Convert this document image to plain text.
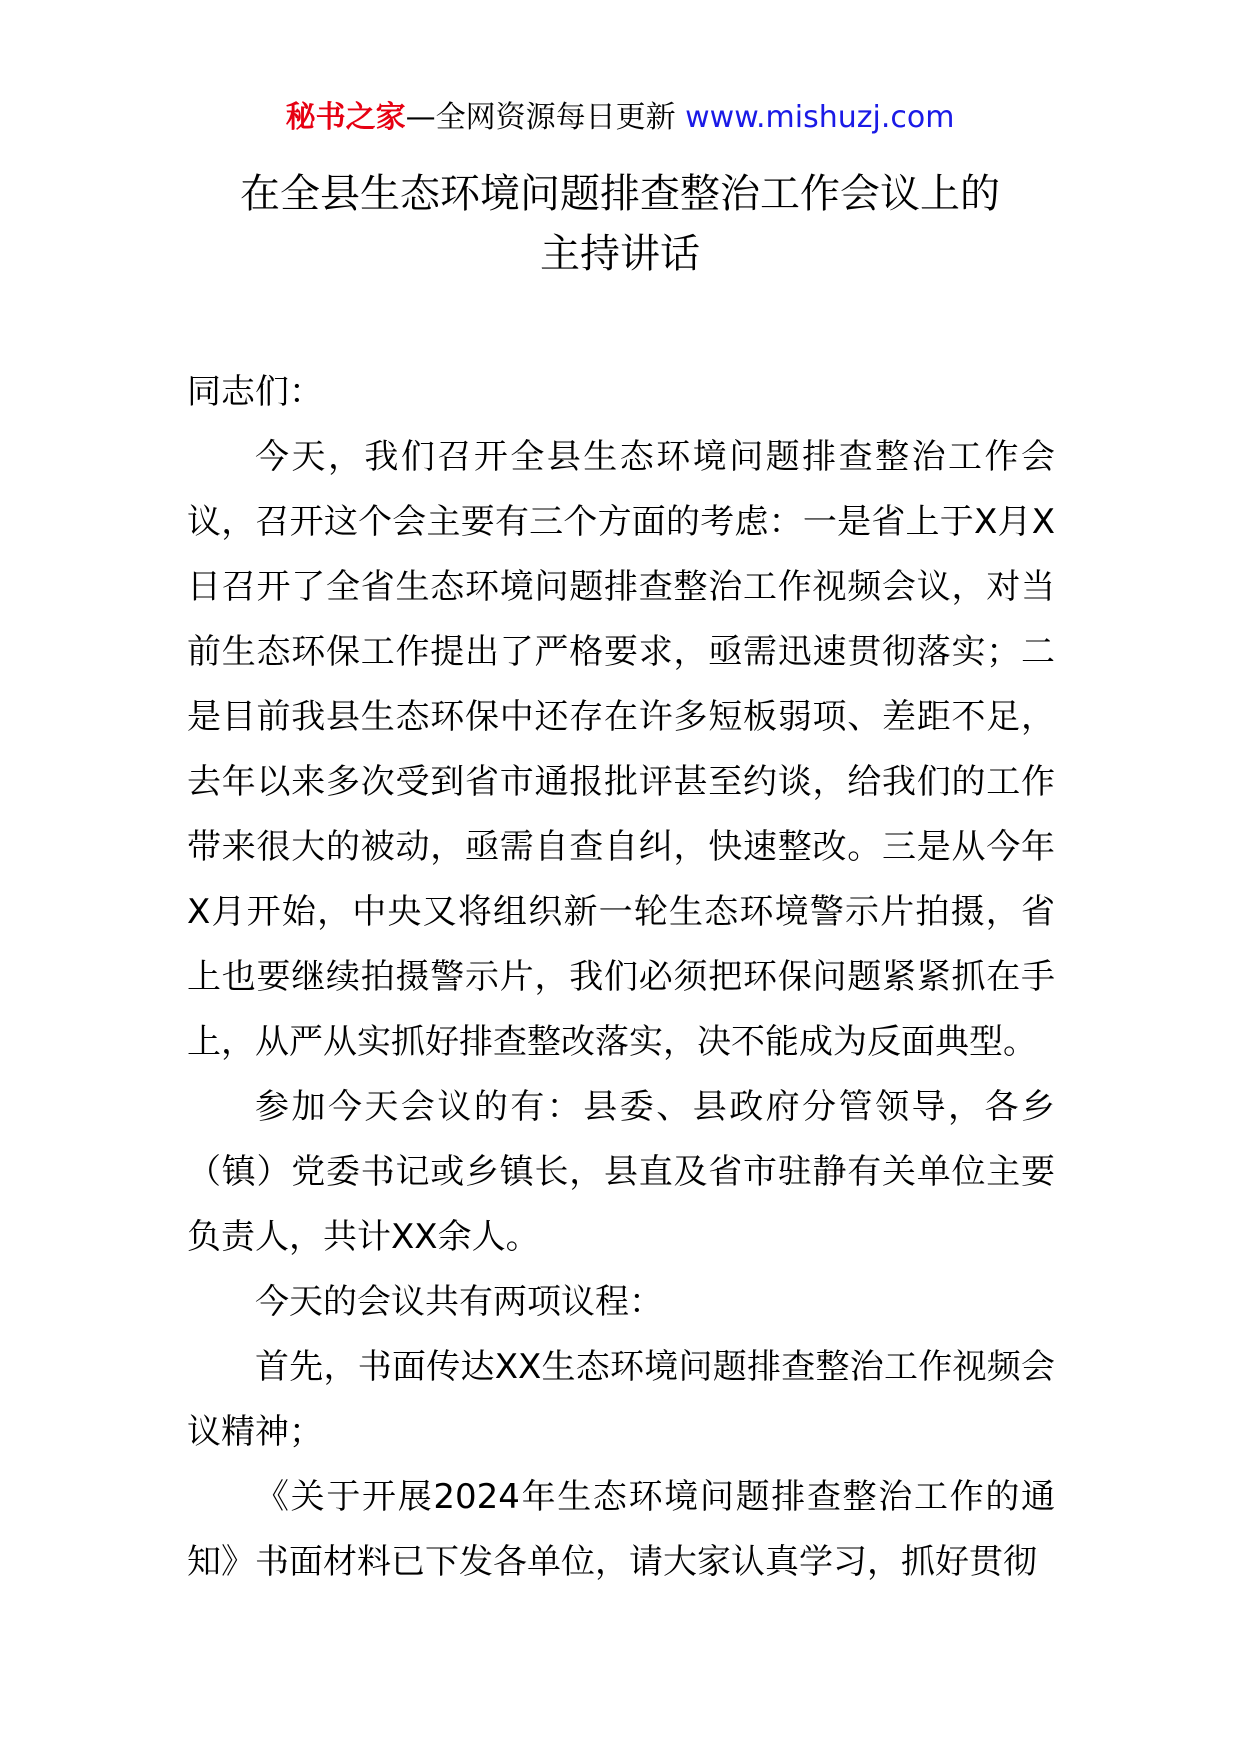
秘书之家—全网资源每日更新 www.mishuzj.com
在全县生态环境问题排查整治工作会议上的
主持讲话

同志们：

今天，我们召开全县生态环境问题排查整治工作会议，召开这个会主要有三个方面的考虑：一是省上于X月X日召开了全省生态环境问题排查整治工作视频会议，对当前生态环保工作提出了严格要求，亟需迅速贯彻落实；二是目前我县生态环保中还存在许多短板弱项、差距不足，去年以来多次受到省市通报批评甚至约谈，给我们的工作带来很大的被动，亟需自查自纠，快速整改。三是从今年X月开始，中央又将组织新一轮生态环境警示片拍摄，省上也要继续拍摄警示片，我们必须把环保问题紧紧抓在手上，从严从实抓好排查整改落实，决不能成为反面典型。

参加今天会议的有：县委、县政府分管领导，各乡（镇）党委书记或乡镇长，县直及省市驻静有关单位主要负责人，共计XX余人。

今天的会议共有两项议程：

首先，书面传达XX生态环境问题排查整治工作视频会议精神；

《关于开展2024年生态环境问题排查整治工作的通知》书面材料已下发各单位，请大家认真学习，抓好贯彻
